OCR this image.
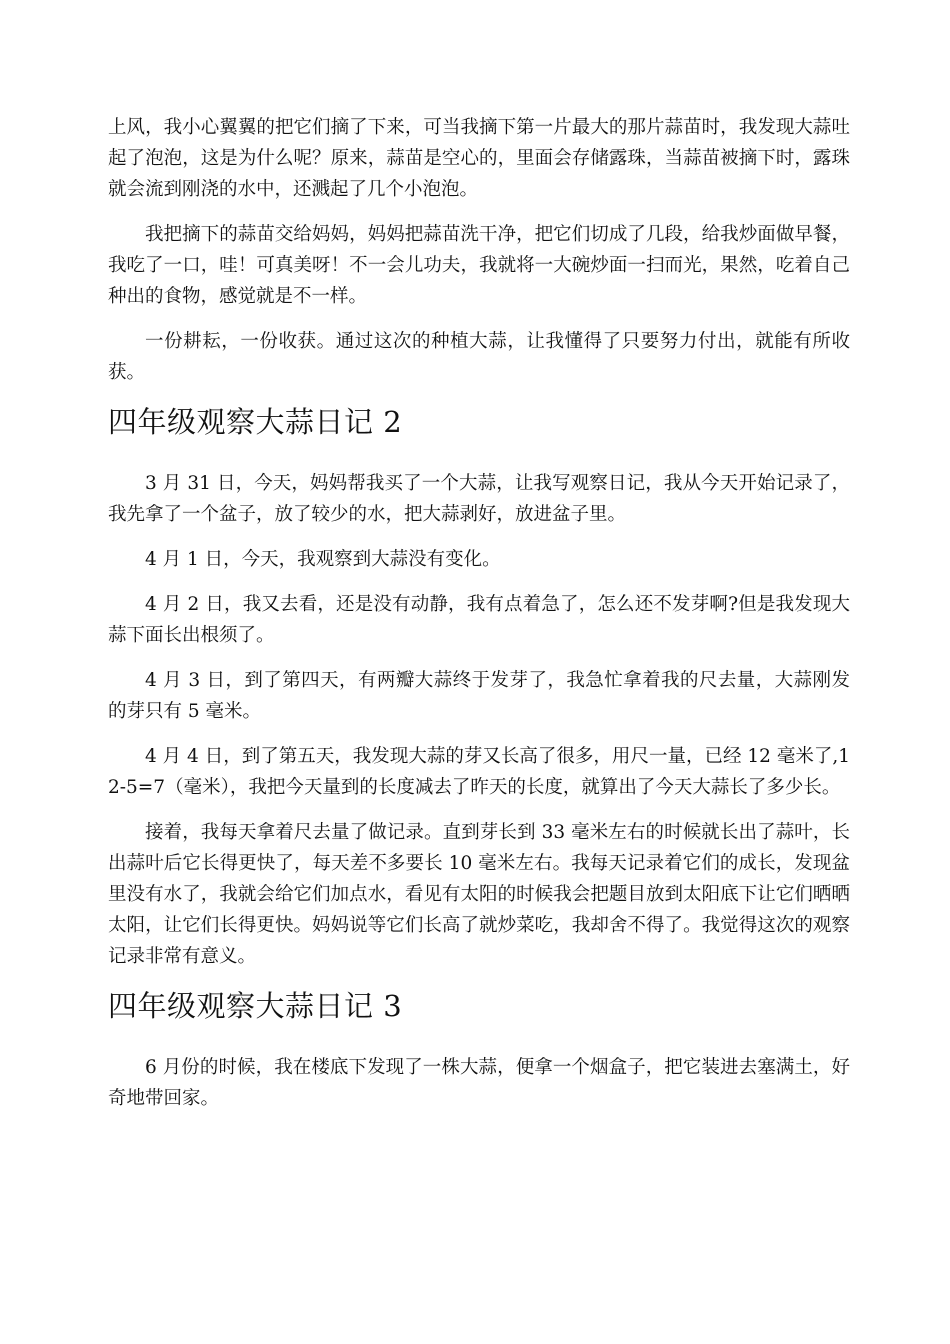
上风，我小心翼翼的把它们摘了下来，可当我摘下第一片最大的那片蒜苗时，我发现大蒜吐起了泡泡，这是为什么呢？原来，蒜苗是空心的，里面会存储露珠，当蒜苗被摘下时，露珠就会流到刚浇的水中，还溅起了几个小泡泡。

我把摘下的蒜苗交给妈妈，妈妈把蒜苗洗干净，把它们切成了几段，给我炒面做早餐，我吃了一口，哇！可真美呀！不一会儿功夫，我就将一大碗炒面一扫而光，果然，吃着自己种出的食物，感觉就是不一样。

一份耕耘，一份收获。通过这次的种植大蒜，让我懂得了只要努力付出，就能有所收获。

四年级观察大蒜日记 2

3 月 31 日，今天，妈妈帮我买了一个大蒜，让我写观察日记，我从今天开始记录了，我先拿了一个盆子，放了较少的水，把大蒜剥好，放进盆子里。

4 月 1 日，今天，我观察到大蒜没有变化。

4 月 2 日，我又去看，还是没有动静，我有点着急了，怎么还不发芽啊?但是我发现大蒜下面长出根须了。

4 月 3 日，到了第四天，有两瓣大蒜终于发芽了，我急忙拿着我的尺去量，大蒜刚发的芽只有 5 毫米。

4 月 4 日，到了第五天，我发现大蒜的芽又长高了很多，用尺一量，已经 12 毫米了,12-5=7（毫米），我把今天量到的长度减去了昨天的长度，就算出了今天大蒜长了多少长。

接着，我每天拿着尺去量了做记录。直到芽长到 33 毫米左右的时候就长出了蒜叶，长出蒜叶后它长得更快了，每天差不多要长 10 毫米左右。我每天记录着它们的成长，发现盆里没有水了，我就会给它们加点水，看见有太阳的时候我会把题目放到太阳底下让它们晒晒太阳，让它们长得更快。妈妈说等它们长高了就炒菜吃，我却舍不得了。我觉得这次的观察记录非常有意义。

四年级观察大蒜日记 3

6 月份的时候，我在楼底下发现了一株大蒜，便拿一个烟盒子，把它装进去塞满土，好奇地带回家。
